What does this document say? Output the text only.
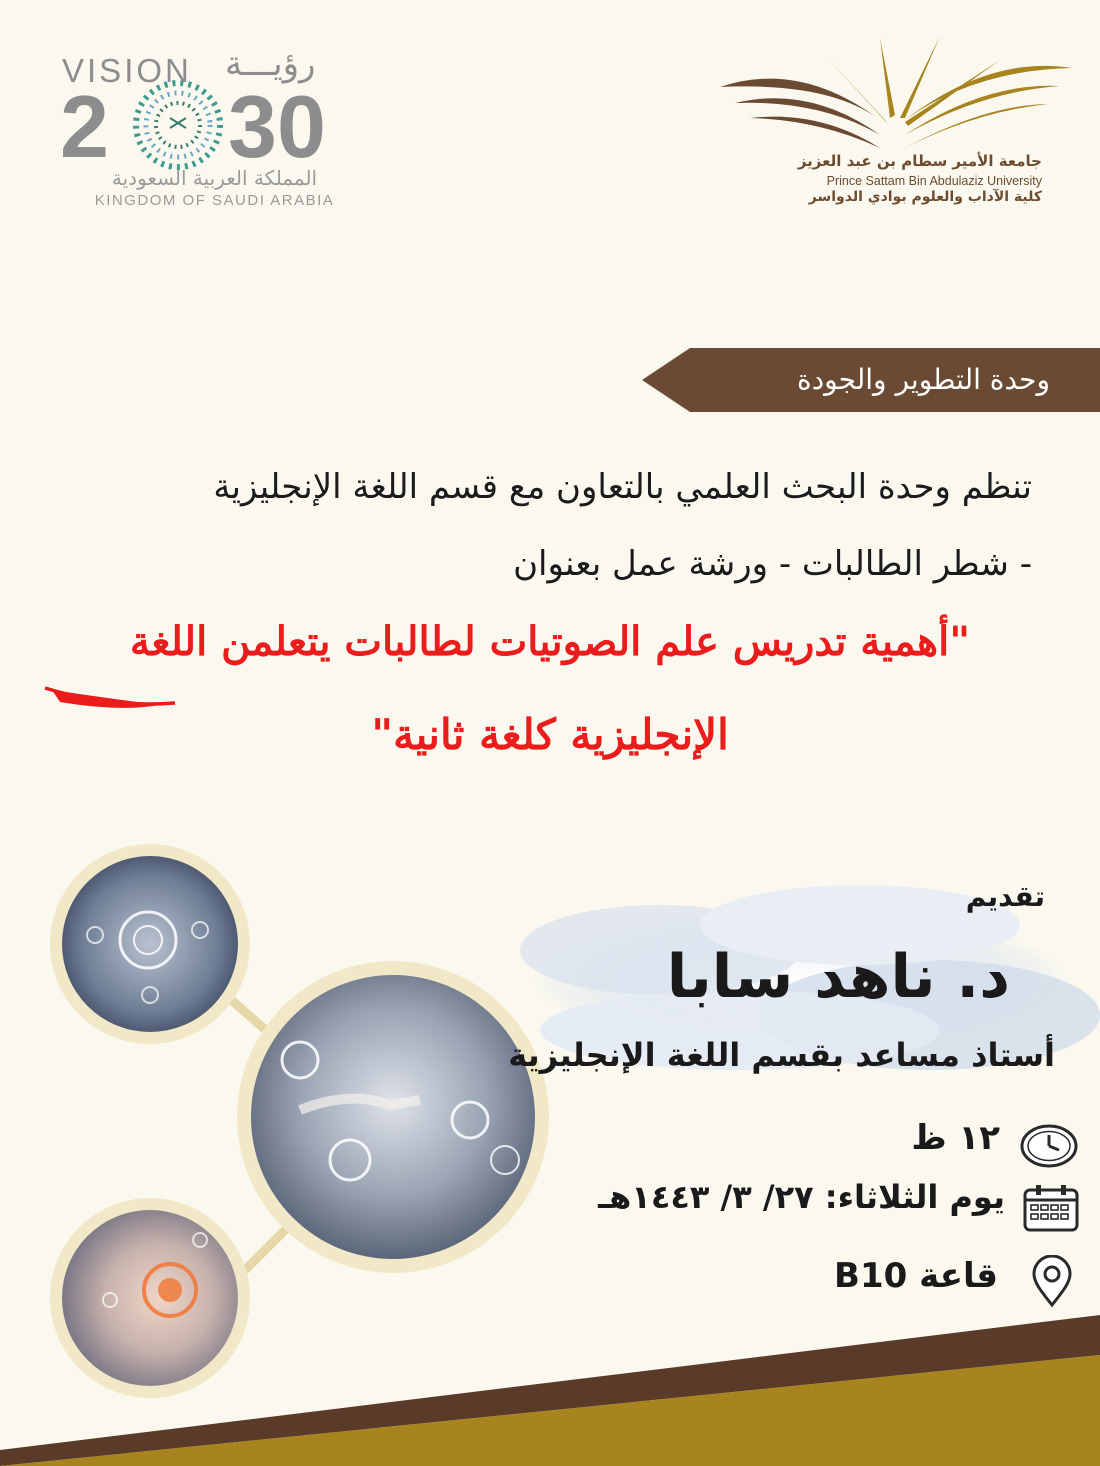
VISION رؤيـــة
2 30
المملكة العربية السعودية
KINGDOM OF SAUDI ARABIA
جامعة الأمير سطام بن عبد العزيز
Prince Sattam Bin Abdulaziz University
كلية الآداب والعلوم بوادي الدواسر
وحدة التطوير والجودة
تنظم وحدة البحث العلمي بالتعاون مع قسم اللغة الإنجليزية
- شطر الطالبات - ورشة عمل بعنوان
"أهمية تدريس علم الصوتيات لطالبات يتعلمن اللغة
الإنجليزية كلغة ثانية"
تقديم
د. ناهد سابا
أستاذ مساعد بقسم اللغة الإنجليزية
١٢ ظ
يوم الثلاثاء: ٢٧/ ٣/ ١٤٤٣هـ
قاعة B10
